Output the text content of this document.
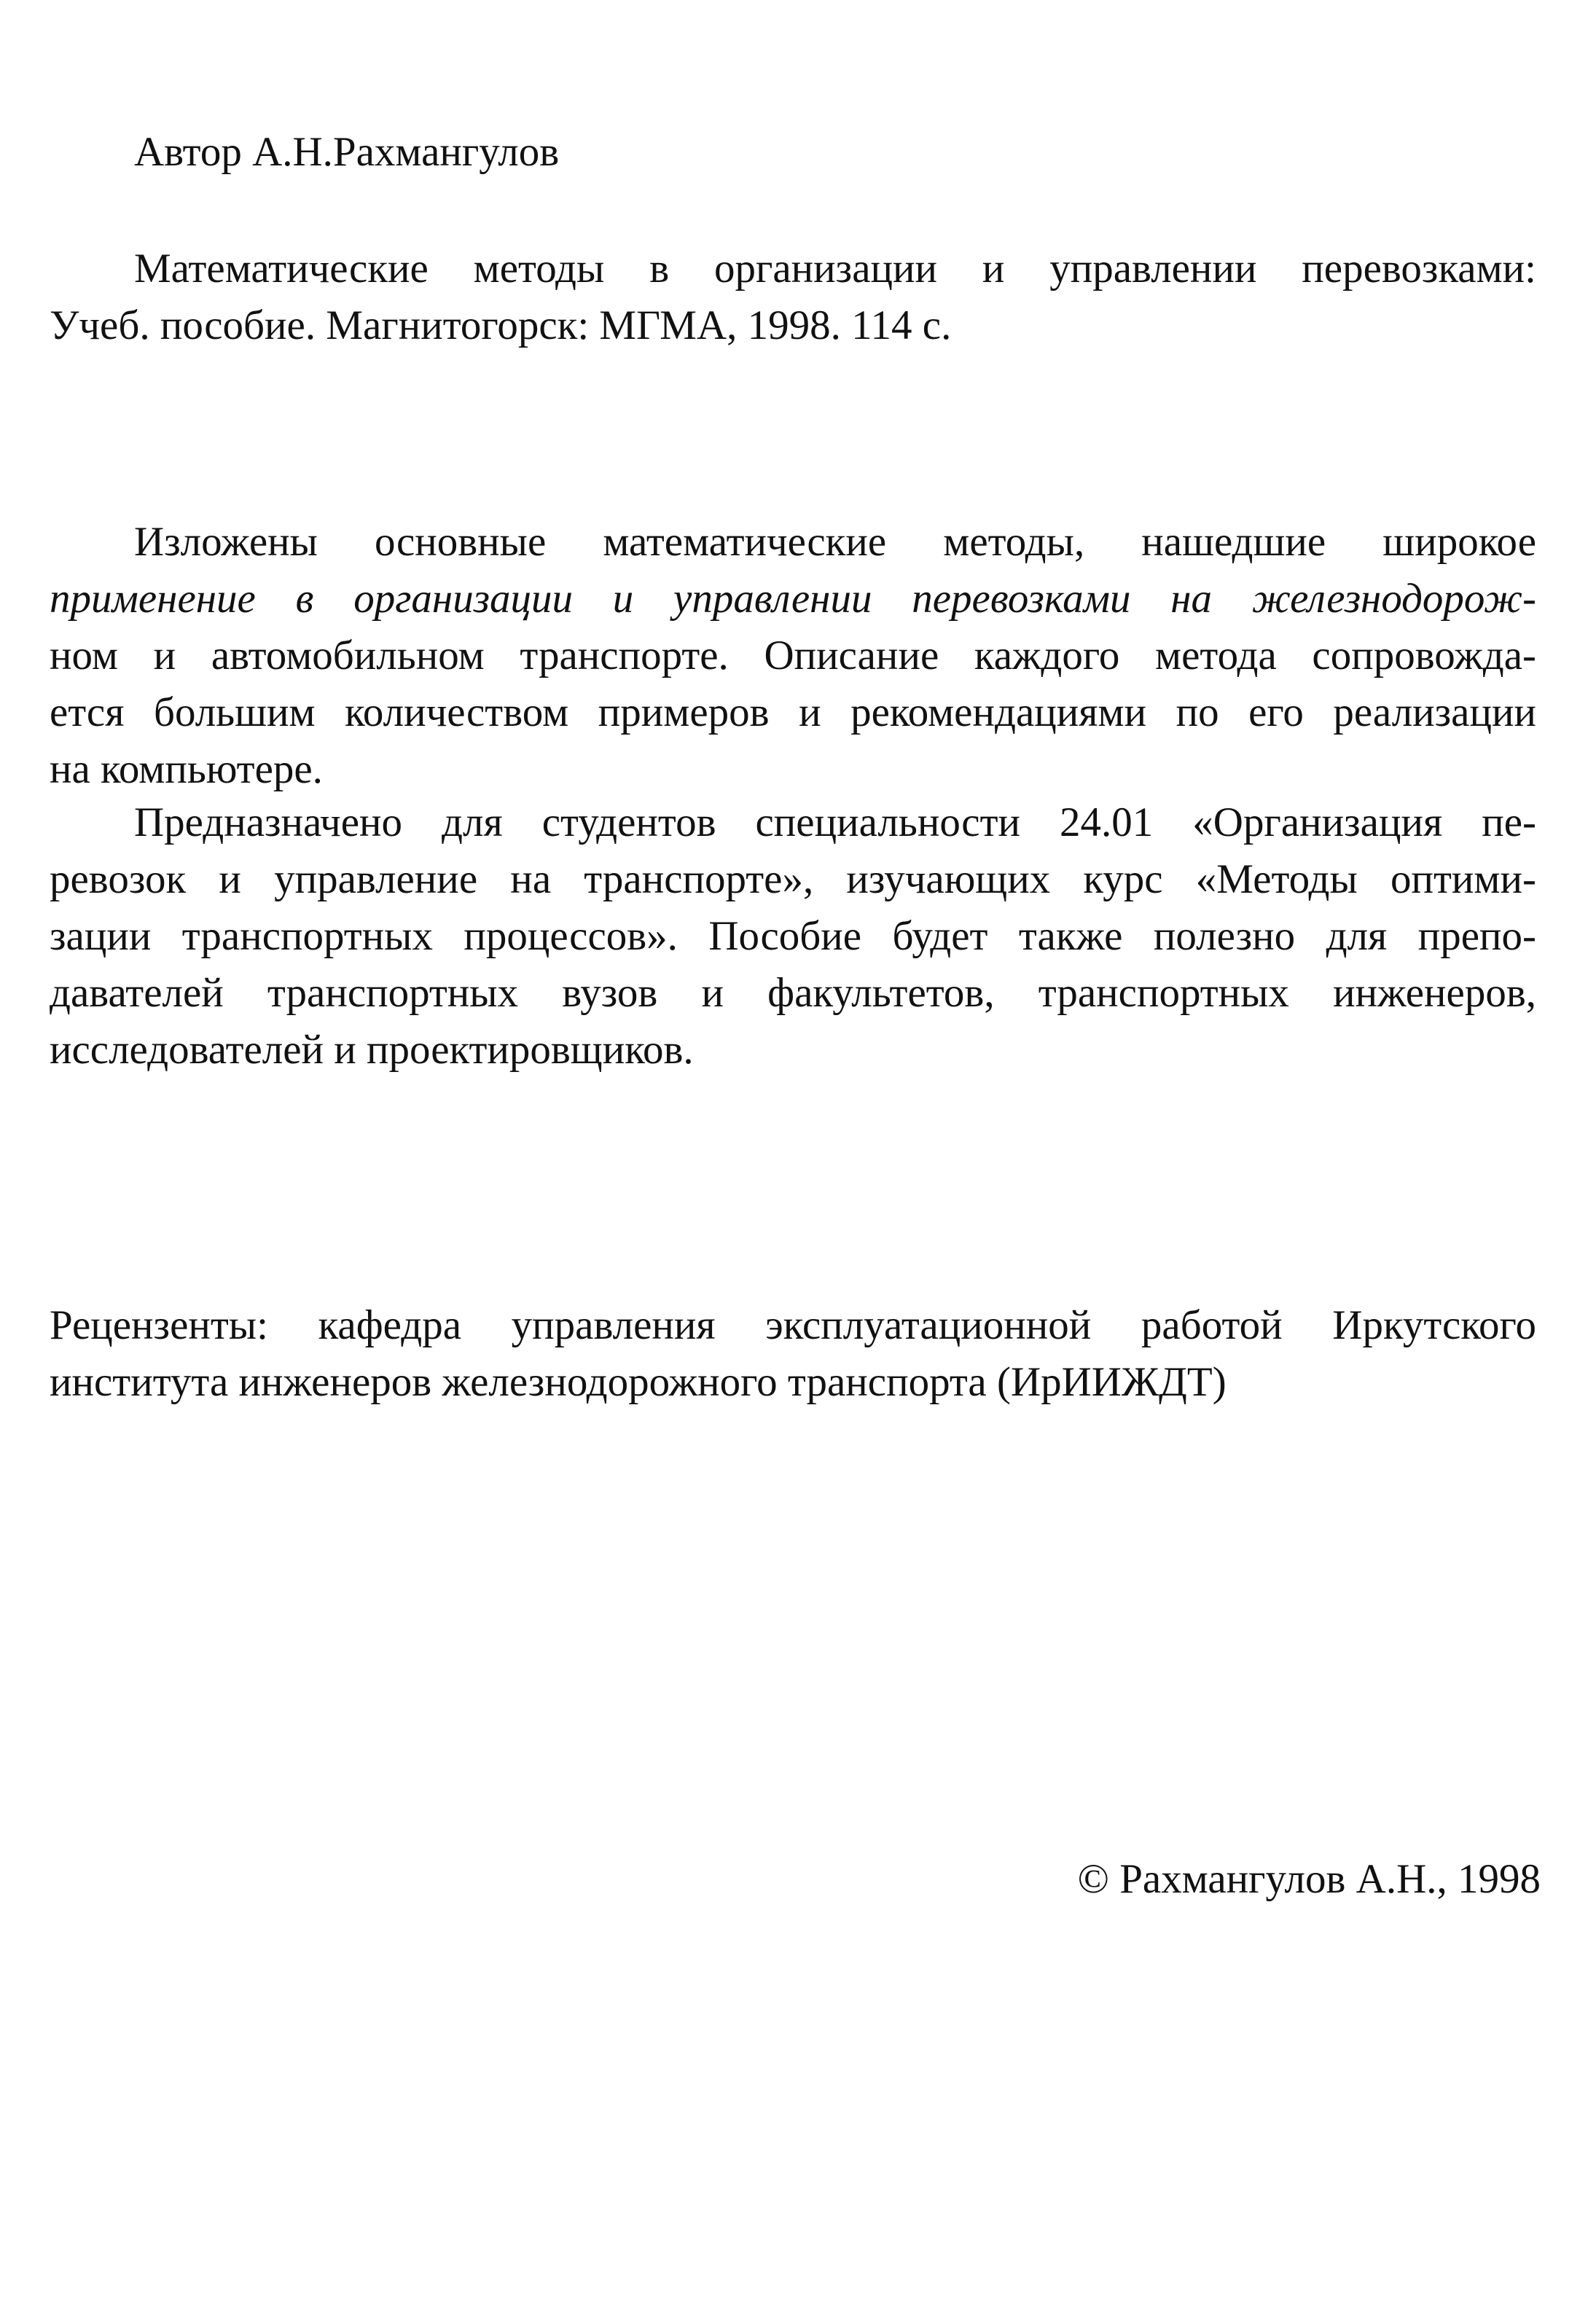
Автор А.Н.Рахмангулов
Математические методы в организации и управлении перевозками:
Учеб. пособие. Магнитогорск: МГМА, 1998. 114 с.
Изложены основные математические методы, нашедшие широкое
применение в организации и управлении перевозками на железнодорож-
ном и автомобильном транспорте. Описание каждого метода сопровожда-
ется большим количеством примеров и рекомендациями по его реализации
на компьютере.
Предназначено для студентов специальности 24.01 «Организация пе-
ревозок и управление на транспорте», изучающих курс «Методы оптими-
зации транспортных процессов». Пособие будет также полезно для препо-
давателей транспортных вузов и факультетов, транспортных инженеров,
исследователей и проектировщиков.
Рецензенты: кафедра управления эксплуатационной работой Иркутского
института инженеров железнодорожного транспорта (ИрИИЖДТ)
© Рахмангулов А.Н., 1998
